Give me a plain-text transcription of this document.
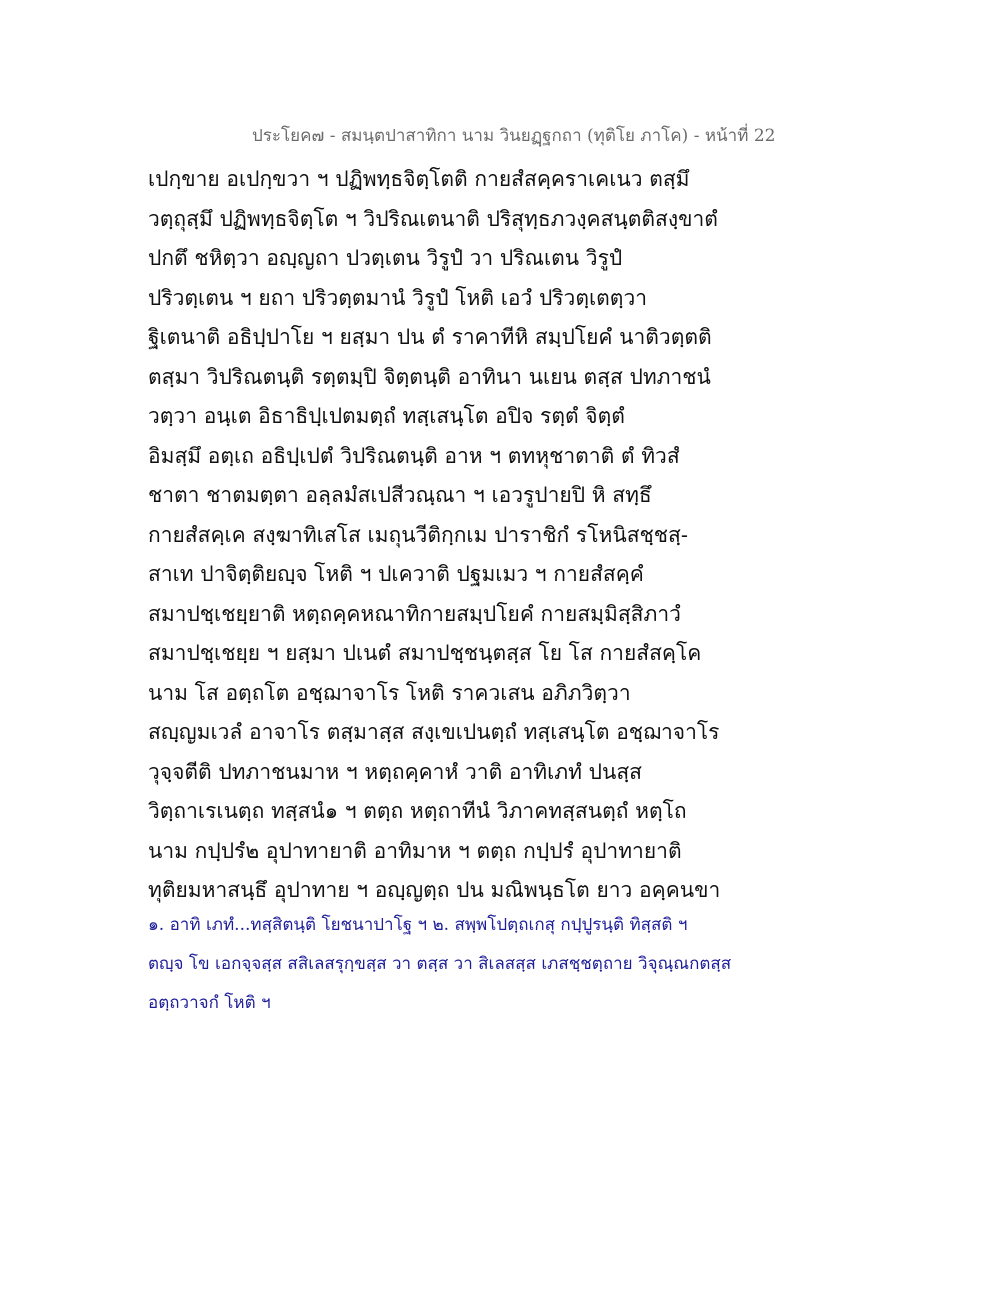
ประโยค๗ - สมนฺตปาสาทิกา นาม วินยฏฺฐกถา (ทุติโย ภาโค) - หน้าที่ 22
เปกฺขาย อเปกฺขวา ฯ ปฏิพทฺธจิตฺโตติ กายสํสคฺคราเคเนว ตสฺมึ
วตฺถุสฺมึ ปฏิพทฺธจิตฺโต ฯ วิปริณเตนาติ ปริสุทฺธภวงฺคสนฺตติสงฺขาตํ
ปกตึ ชหิตฺวา อญฺญถา ปวตฺเตน วิรูปํ วา ปริณเตน วิรูปํ
ปริวตฺเตน ฯ ยถา ปริวตฺตมานํ วิรูปํ โหติ เอวํ ปริวตฺเตตฺวา
ฐิเตนาติ อธิปฺปาโย ฯ ยสฺมา ปน ตํ ราคาทีหิ สมฺปโยคํ นาติวตฺตติ
ตสฺมา วิปริณตนฺติ รตฺตมฺปิ จิตฺตนฺติ อาทินา นเยน ตสฺส ปทภาชนํ
วตฺวา อนฺเต อิธาธิปฺเปตมตฺถํ ทสฺเสนฺโต อปิจ รตฺตํ จิตฺตํ
อิมสฺมึ อตฺเถ อธิปฺเปตํ วิปริณตนฺติ อาห ฯ ตทหุชาตาติ ตํ ทิวสํ
ชาตา ชาตมตฺตา อลฺลมํสเปสีวณฺณา ฯ เอวรูปายปิ หิ สทฺธึ
กายสํสคฺเค สงฺฆาทิเสโส เมถุนวีติกฺกเม ปาราชิกํ รโหนิสชฺชสฺ-
สาเท ปาจิตฺติยญฺจ โหติ ฯ ปเควาติ ปฐมเมว ฯ กายสํสคฺคํ
สมาปชฺเชยฺยาติ หตฺถคฺคหณาทิกายสมฺปโยคํ กายสมฺมิสฺสิภาวํ
สมาปชฺเชยฺย ฯ ยสฺมา ปเนตํ สมาปชฺชนฺตสฺส โย โส กายสํสคฺโค
นาม โส อตฺถโต อชฺฌาจาโร โหติ ราควเสน อภิภวิตฺวา
สญฺญมเวลํ อาจาโร ตสฺมาสฺส สงฺเขเปนตฺถํ ทสฺเสนฺโต อชฺฌาจาโร
วุจฺจตีติ ปทภาชนมาห ฯ หตฺถคฺคาหํ วาติ อาทิเภทํ ปนสฺส
วิตฺถาเรเนตฺถ ทสฺสนํ๑ ฯ ตตฺถ หตฺถาทีนํ วิภาคทสฺสนตฺถํ หตฺโถ
นาม กปฺปรํ๒ อุปาทายาติ อาทิมาห ฯ ตตฺถ กปฺปรํ อุปาทายาติ
ทุติยมหาสนฺธึ อุปาทาย ฯ อญฺญตฺถ ปน มณิพนฺธโต ยาว อคฺคนขา
๑. อาทิ เภทํ...ทสฺสิตนฺติ โยชนาปาโฐ ฯ ๒. สพฺพโปตฺถเกสุ กปฺปูรนฺติ ทิสฺสติ ฯ
ตญฺจ โข เอกจฺจสฺส สสิเลสรุกฺขสฺส วา ตสฺส วา สิเลสสฺส เภสชฺชตฺถาย วิจุณฺณกตสฺส
อตฺถวาจกํ โหติ ฯ
